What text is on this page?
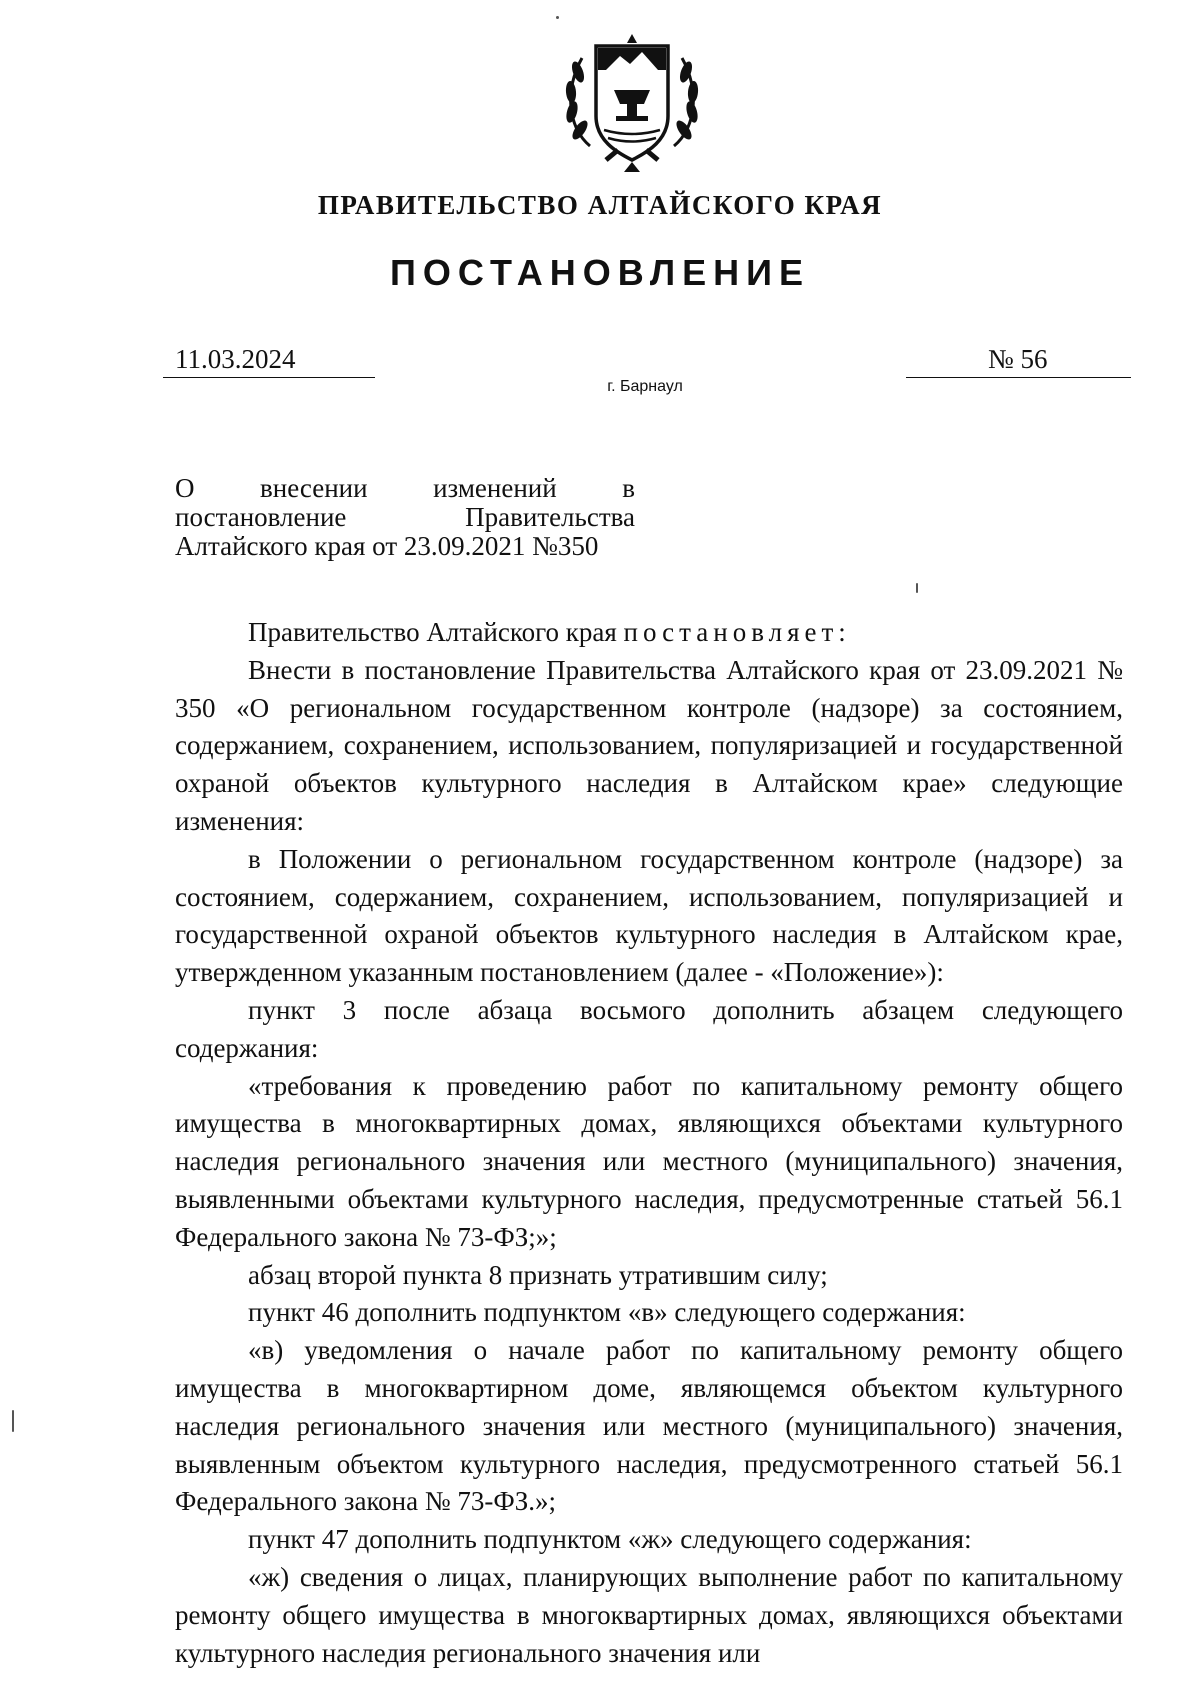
ПРАВИТЕЛЬСТВО АЛТАЙСКОГО КРАЯ
ПОСТАНОВЛЕНИЕ
11.03.2024	№ 56
г. Барнаул
О внесении изменений в постановление Правительства Алтайского края от 23.09.2021 №350

Правительство Алтайского края постановляет:

Внести в постановление Правительства Алтайского края от 23.09.2021 № 350 «О региональном государственном контроле (надзоре) за состоянием, содержанием, сохранением, использованием, популяризацией и государственной охраной объектов культурного наследия в Алтайском крае» следующие изменения:

в Положении о региональном государственном контроле (надзоре) за состоянием, содержанием, сохранением, использованием, популяризацией и государственной охраной объектов культурного наследия в Алтайском крае, утвержденном указанным постановлением (далее - «Положение»):

пункт 3 после абзаца восьмого дополнить абзацем следующего содержания:

«требования к проведению работ по капитальному ремонту общего имущества в многоквартирных домах, являющихся объектами культурного наследия регионального значения или местного (муниципального) значения, выявленными объектами культурного наследия, предусмотренные статьей 56.1 Федерального закона № 73-ФЗ;»;

абзац второй пункта 8 признать утратившим силу;

пункт 46 дополнить подпунктом «в» следующего содержания:

«в) уведомления о начале работ по капитальному ремонту общего имущества в многоквартирном доме, являющемся объектом культурного наследия регионального значения или местного (муниципального) значения, выявленным объектом культурного наследия, предусмотренного статьей 56.1 Федерального закона № 73-ФЗ.»;

пункт 47 дополнить подпунктом «ж» следующего содержания:

«ж) сведения о лицах, планирующих выполнение работ по капитальному ремонту общего имущества в многоквартирных домах, являющихся объектами культурного наследия регионального значения или
